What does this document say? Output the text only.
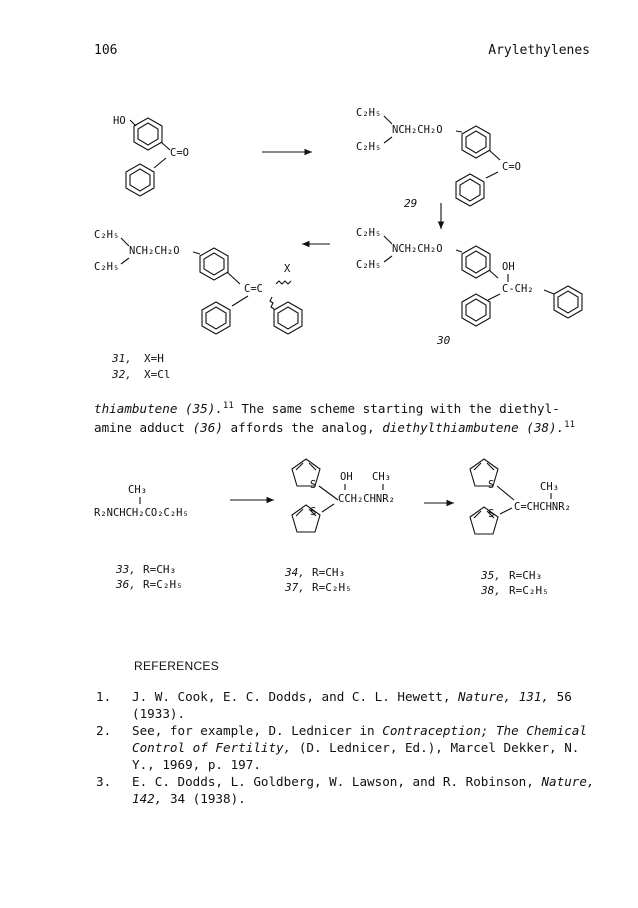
106	Arylethylenes
HO
C=O
C₂H₅
NCH₂CH₂O
C₂H₅
C=O
29
C₂H₅
NCH₂CH₂O
C₂H₅	OH
C-CH₂
30
C₂H₅
NCH₂CH₂O
C₂H₅
C=C
X
31, X=H
32, X=Cl
CH₃
R₂NCHCH₂CO₂C₂H₅
S
OH CH₃
CCH₂CHNR₂
S
S	CH₃
C=CHCHNR₂
S
33, R=CH₃
36, R=C₂H₅
34, R=CH₃
37, R=C₂H₅
35, R=CH₃
38, R=C₂H₅
thiambutene (35).$^{11}$ The same scheme starting with the diethyl-
amine adduct (36) affords the analog, diethylthiambutene (38).$^{11}$
REFERENCES
1. J. W. Cook, E. C. Dodds, and C. L. Hewett, Nature, 131, 56 (1933).
2. See, for example, D. Lednicer in Contraception; The Chemical Control of Fertility, (D. Lednicer, Ed.), Marcel Dekker, N. Y., 1969, p. 197.
3. E. C. Dodds, L. Goldberg, W. Lawson, and R. Robinson, Nature, 142, 34 (1938).
